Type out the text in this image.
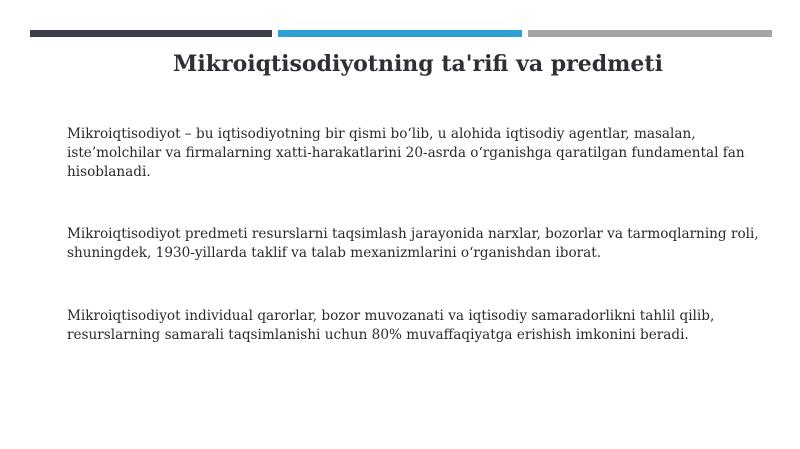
Mikroiqtisodiyotning ta'rifi va predmeti

Mikroiqtisodiyot – bu iqtisodiyotning bir qismi bo‘lib, u alohida iqtisodiy agentlar, masalan, iste’molchilar va firmalarning xatti-harakatlarini 20-asrda o‘rganishga qaratilgan fundamental fan hisoblanadi.

Mikroiqtisodiyot predmeti resurslarni taqsimlash jarayonida narxlar, bozorlar va tarmoqlarning roli, shuningdek, 1930-yillarda taklif va talab mexanizmlarini o‘rganishdan iborat.

Mikroiqtisodiyot individual qarorlar, bozor muvozanati va iqtisodiy samaradorlikni tahlil qilib, resurslarning samarali taqsimlanishi uchun 80% muvaffaqiyatga erishish imkonini beradi.
